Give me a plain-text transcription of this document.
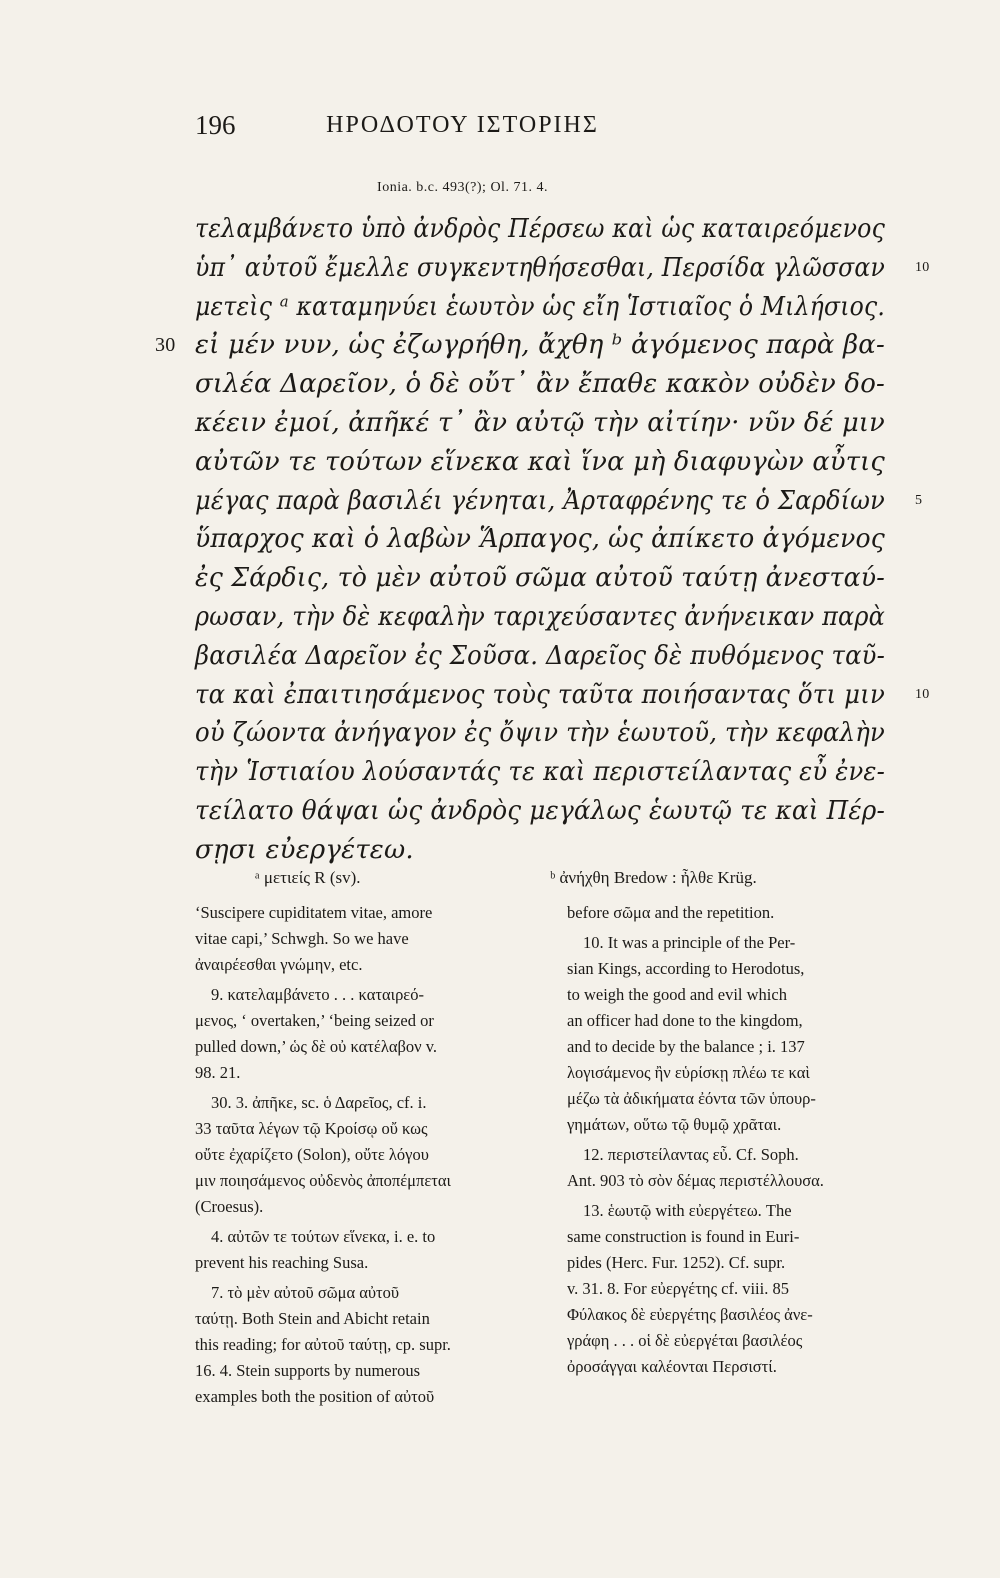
196	ΗΡΟΔΟΤΟΥ ΙΣΤΟΡΙΗΣ
Ionia. b.c. 493(?); Ol. 71. 4.
τελαμβάνετο ὑπὸ ἀνδρὸς Πέρσεω καὶ ὡς καταιρεόμενος
ὑπ᾽ αὐτοῦ ἔμελλε συγκεντηθήσεσθαι, Περσίδα γλῶσσαν 10
μετεὶς ᵃ καταμηνύει ἑωυτὸν ὡς εἴη Ἱστιαῖος ὁ Μιλήσιος.
εἰ μέν νυν, ὡς ἐζωγρήθη, ἄχθη ᵇ ἀγόμενος παρὰ βα-
30
σιλέα Δαρεῖον, ὁ δὲ οὔτ᾽ ἂν ἔπαθε κακὸν οὐδὲν δο-
κέειν ἐμοί, ἀπῆκέ τ᾽ ἂν αὐτῷ τὴν αἰτίην· νῦν δέ μιν
αὐτῶν τε τούτων εἵνεκα καὶ ἵνα μὴ διαφυγὼν αὖτις
μέγας παρὰ βασιλέι γένηται, Ἀρταφρένης τε ὁ Σαρδίων 5
ὕπαρχος καὶ ὁ λαβὼν Ἅρπαγος, ὡς ἀπίκετο ἀγόμενος
ἐς Σάρδις, τὸ μὲν αὐτοῦ σῶμα αὐτοῦ ταύτῃ ἀνεσταύ-
ρωσαν, τὴν δὲ κεφαλὴν ταριχεύσαντες ἀνήνεικαν παρὰ
βασιλέα Δαρεῖον ἐς Σοῦσα. Δαρεῖος δὲ πυθόμενος ταῦ-
τα καὶ ἐπαιτιησάμενος τοὺς ταῦτα ποιήσαντας ὅτι μιν 10
οὐ ζώοντα ἀνήγαγον ἐς ὄψιν τὴν ἑωυτοῦ, τὴν κεφαλὴν
τὴν Ἱστιαίου λούσαντάς τε καὶ περιστείλαντας εὖ ἐνε-
τείλατο θάψαι ὡς ἀνδρὸς μεγάλως ἑωυτῷ τε καὶ Πέρ-
σῃσι εὐεργέτεω.
ᵃ μετιείς R (sv).	ᵇ ἀνήχθη Bredow : ἦλθε Krüg.

‘Suscipere cupiditatem vitae, amore
vitae capi,’ Schwgh. So we have
ἀναιρέεσθαι γνώμην, etc.

9. κατελαμβάνετο . . . καταιρεό-
μενος, ‘ overtaken,’ ‘being seized or
pulled down,’ ὡς δὲ οὐ κατέλαβον v.
98. 21.

30. 3. ἀπῆκε, sc. ὁ Δαρεῖος, cf. i.
33 ταῦτα λέγων τῷ Κροίσῳ οὔ κως
οὔτε ἐχαρίζετο (Solon), οὔτε λόγου
μιν ποιησάμενος οὐδενὸς ἀποπέμπεται
(Croesus).

4. αὐτῶν τε τούτων εἵνεκα, i. e. to
prevent his reaching Susa.

7. τὸ μὲν αὐτοῦ σῶμα αὐτοῦ
ταύτῃ. Both Stein and Abicht retain
this reading; for αὐτοῦ ταύτῃ, cp. supr.
16. 4. Stein supports by numerous
examples both the position of αὐτοῦ

before σῶμα and the repetition.

10. It was a principle of the Per-
sian Kings, according to Herodotus,
to weigh the good and evil which
an officer had done to the kingdom,
and to decide by the balance ; i. 137
λογισάμενος ἢν εὑρίσκῃ πλέω τε καὶ
μέζω τὰ ἀδικήματα ἐόντα τῶν ὑπουρ-
γημάτων, οὕτω τῷ θυμῷ χρᾶται.

12. περιστείλαντας εὖ. Cf. Soph.
Ant. 903 τὸ σὸν δέμας περιστέλλουσα.

13. ἑωυτῷ with εὐεργέτεω. The
same construction is found in Euri-
pides (Herc. Fur. 1252). Cf. supr.
v. 31. 8. For εὐεργέτης cf. viii. 85
Φύλακος δὲ εὐεργέτης βασιλέος ἀνε-
γράφη . . . οἱ δὲ εὐεργέται βασιλέος
ὀροσάγγαι καλέονται Περσιστί.
